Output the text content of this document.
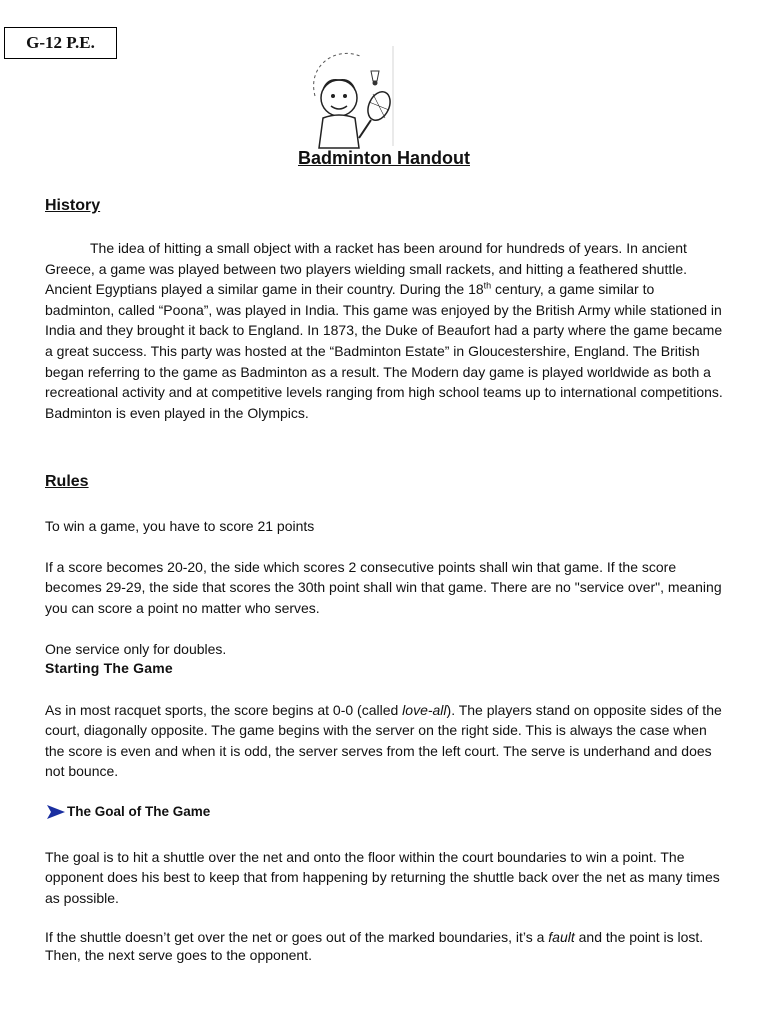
G-12 P.E.
Badminton Handout
History

The idea of hitting a small object with a racket has been around for hundreds of years. In ancient Greece, a game was played between two players wielding small rackets, and hitting a feathered shuttle. Ancient Egyptians played a similar game in their country. During the 18th century, a game similar to badminton, called “Poona”, was played in India. This game was enjoyed by the British Army while stationed in India and they brought it back to England. In 1873, the Duke of Beaufort had a party where the game became a great success. This party was hosted at the “Badminton Estate” in Gloucestershire, England. The British began referring to the game as Badminton as a result. The Modern day game is played worldwide as both a recreational activity and at competitive levels ranging from high school teams up to international competitions. Badminton is even played in the Olympics.

Rules

To win a game, you have to score 21 points

If a score becomes 20-20, the side which scores 2 consecutive points shall win that game. If the score becomes 29-29, the side that scores the 30th point shall win that game. There are no "service over", meaning you can score a point no matter who serves.

One service only for doubles.

Starting The Game

As in most racquet sports, the score begins at 0-0 (called love-all). The players stand on opposite sides of the court, diagonally opposite. The game begins with the server on the right side. This is always the case when the score is even and when it is odd, the server serves from the left court. The serve is underhand and does not bounce.

The Goal of The Game

The goal is to hit a shuttle over the net and onto the floor within the court boundaries to win a point. The opponent does his best to keep that from happening by returning the shuttle back over the net as many times as possible.

If the shuttle doesn’t get over the net or goes out of the marked boundaries, it’s a fault and the point is lost. Then, the next serve goes to the opponent.
